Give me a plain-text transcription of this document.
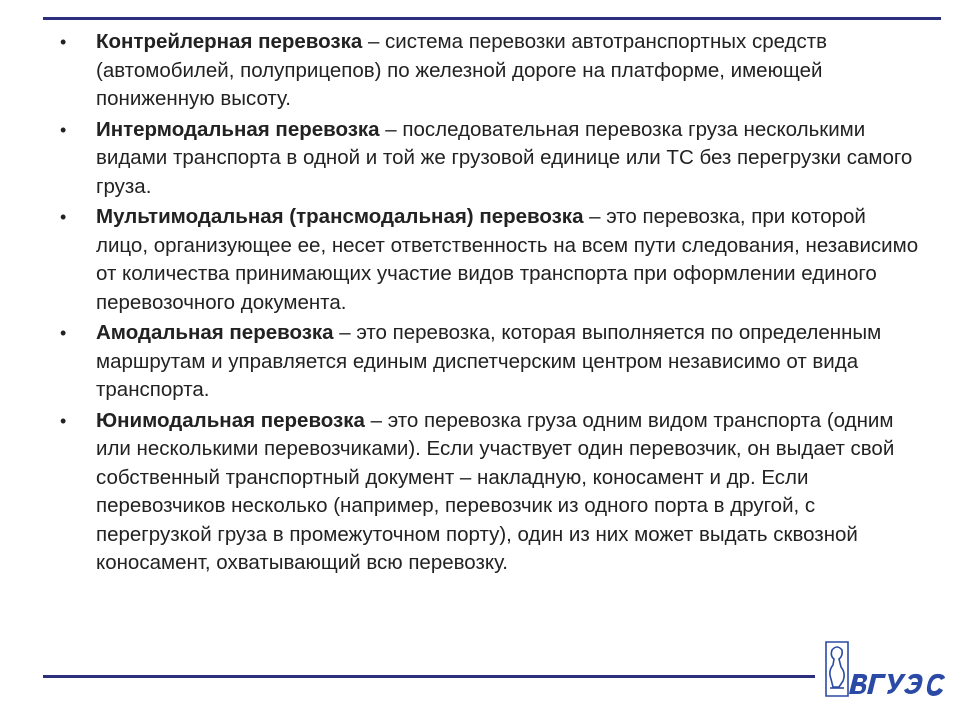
• Контрейлерная перевозка – система перевозки автотранспортных средств (автомобилей, полуприцепов) по железной дороге на платформе, имеющей пониженную высоту.
• Интермодальная перевозка – последовательная перевозка груза несколькими видами транспорта в одной и той же грузовой единице или ТС без перегрузки самого груза.
• Мультимодальная (трансмодальная) перевозка – это перевозка, при которой лицо, организующее ее, несет ответственность на всем пути следования, независимо от количества принимающих участие видов транспорта при оформлении единого перевозочного документа.
• Амодальная перевозка – это перевозка, которая выполняется по определенным маршрутам и управляется единым диспетчерским центром независимо от вида транспорта.
• Юнимодальная перевозка – это перевозка груза одним видом транспорта (одним или несколькими перевозчиками). Если участвует один перевозчик, он выдает свой собственный транспортный документ – накладную, коносамент и др. Если перевозчиков несколько (например, перевозчик из одного порта в другой, с перегрузкой груза в промежуточном порту), один из них может выдать сквозной коносамент, охватывающий всю перевозку.
